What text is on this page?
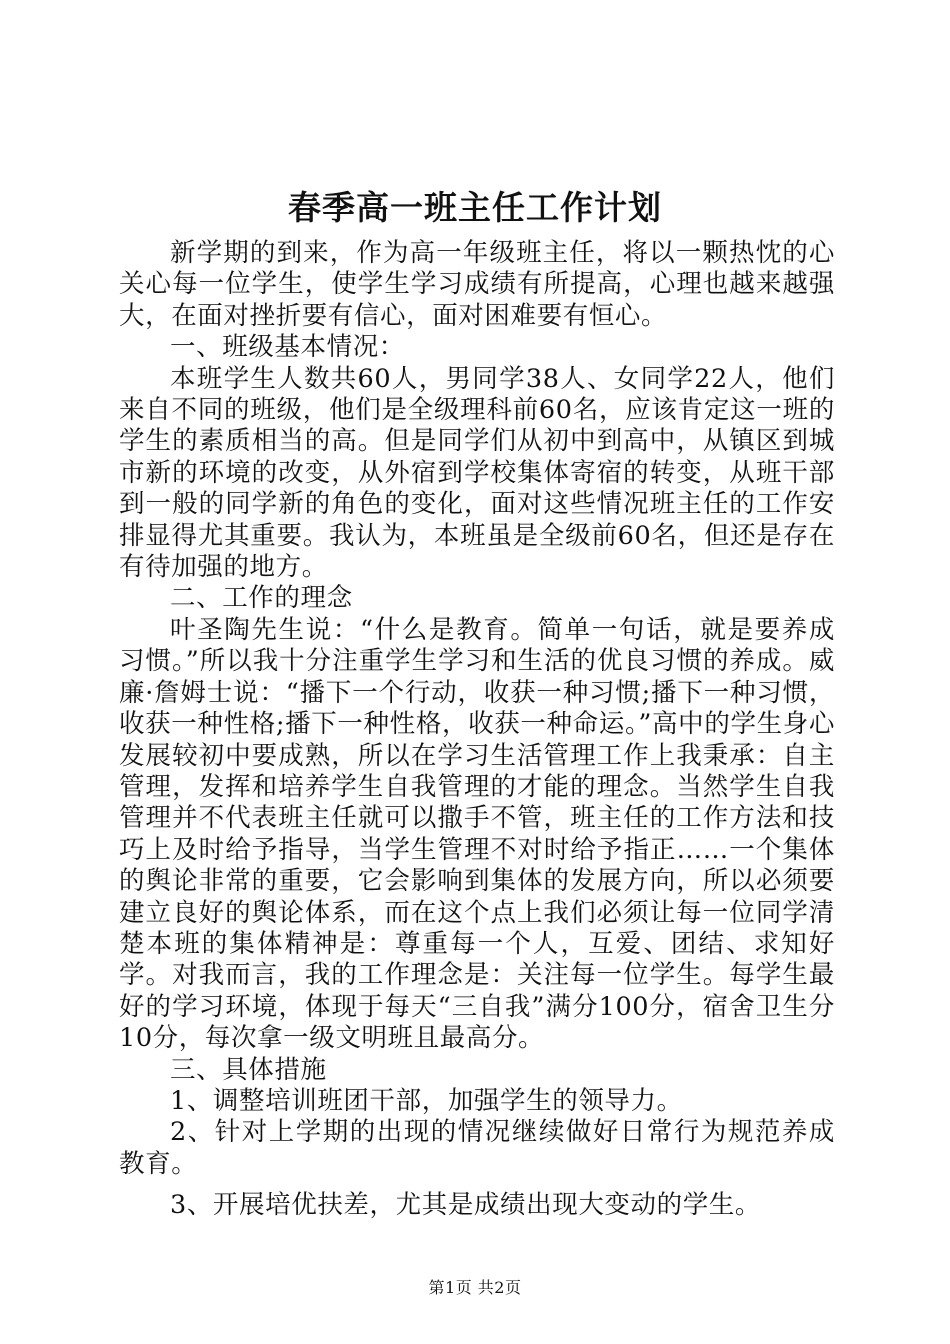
春季高一班主任工作计划

新学期的到来，作为高一年级班主任，将以一颗热忱的心关心每一位学生，使学生学习成绩有所提高，心理也越来越强大，在面对挫折要有信心，面对困难要有恒心。

一、班级基本情况：

本班学生人数共60人，男同学38人、女同学22人，他们来自不同的班级，他们是全级理科前60名，应该肯定这一班的学生的素质相当的高。但是同学们从初中到高中，从镇区到城市新的环境的改变，从外宿到学校集体寄宿的转变，从班干部到一般的同学新的角色的变化，面对这些情况班主任的工作安排显得尤其重要。我认为，本班虽是全级前60名，但还是存在有待加强的地方。

二、工作的理念

叶圣陶先生说：“什么是教育。简单一句话，就是要养成习惯。”所以我十分注重学生学习和生活的优良习惯的养成。威廉·詹姆士说：“播下一个行动，收获一种习惯;播下一种习惯，收获一种性格;播下一种性格，收获一种命运。”高中的学生身心发展较初中要成熟，所以在学习生活管理工作上我秉承：自主管理，发挥和培养学生自我管理的才能的理念。当然学生自我管理并不代表班主任就可以撒手不管，班主任的工作方法和技巧上及时给予指导，当学生管理不对时给予指正……一个集体的舆论非常的重要，它会影响到集体的发展方向，所以必须要建立良好的舆论体系，而在这个点上我们必须让每一位同学清楚本班的集体精神是：尊重每一个人，互爱、团结、求知好学。对我而言，我的工作理念是：关注每一位学生。每学生最好的学习环境，体现于每天“三自我”满分100分，宿舍卫生分10分，每次拿一级文明班且最高分。

三、具体措施

1、调整培训班团干部，加强学生的领导力。

2、针对上学期的出现的情况继续做好日常行为规范养成教育。

3、开展培优扶差，尤其是成绩出现大变动的学生。

第1页 共2页
